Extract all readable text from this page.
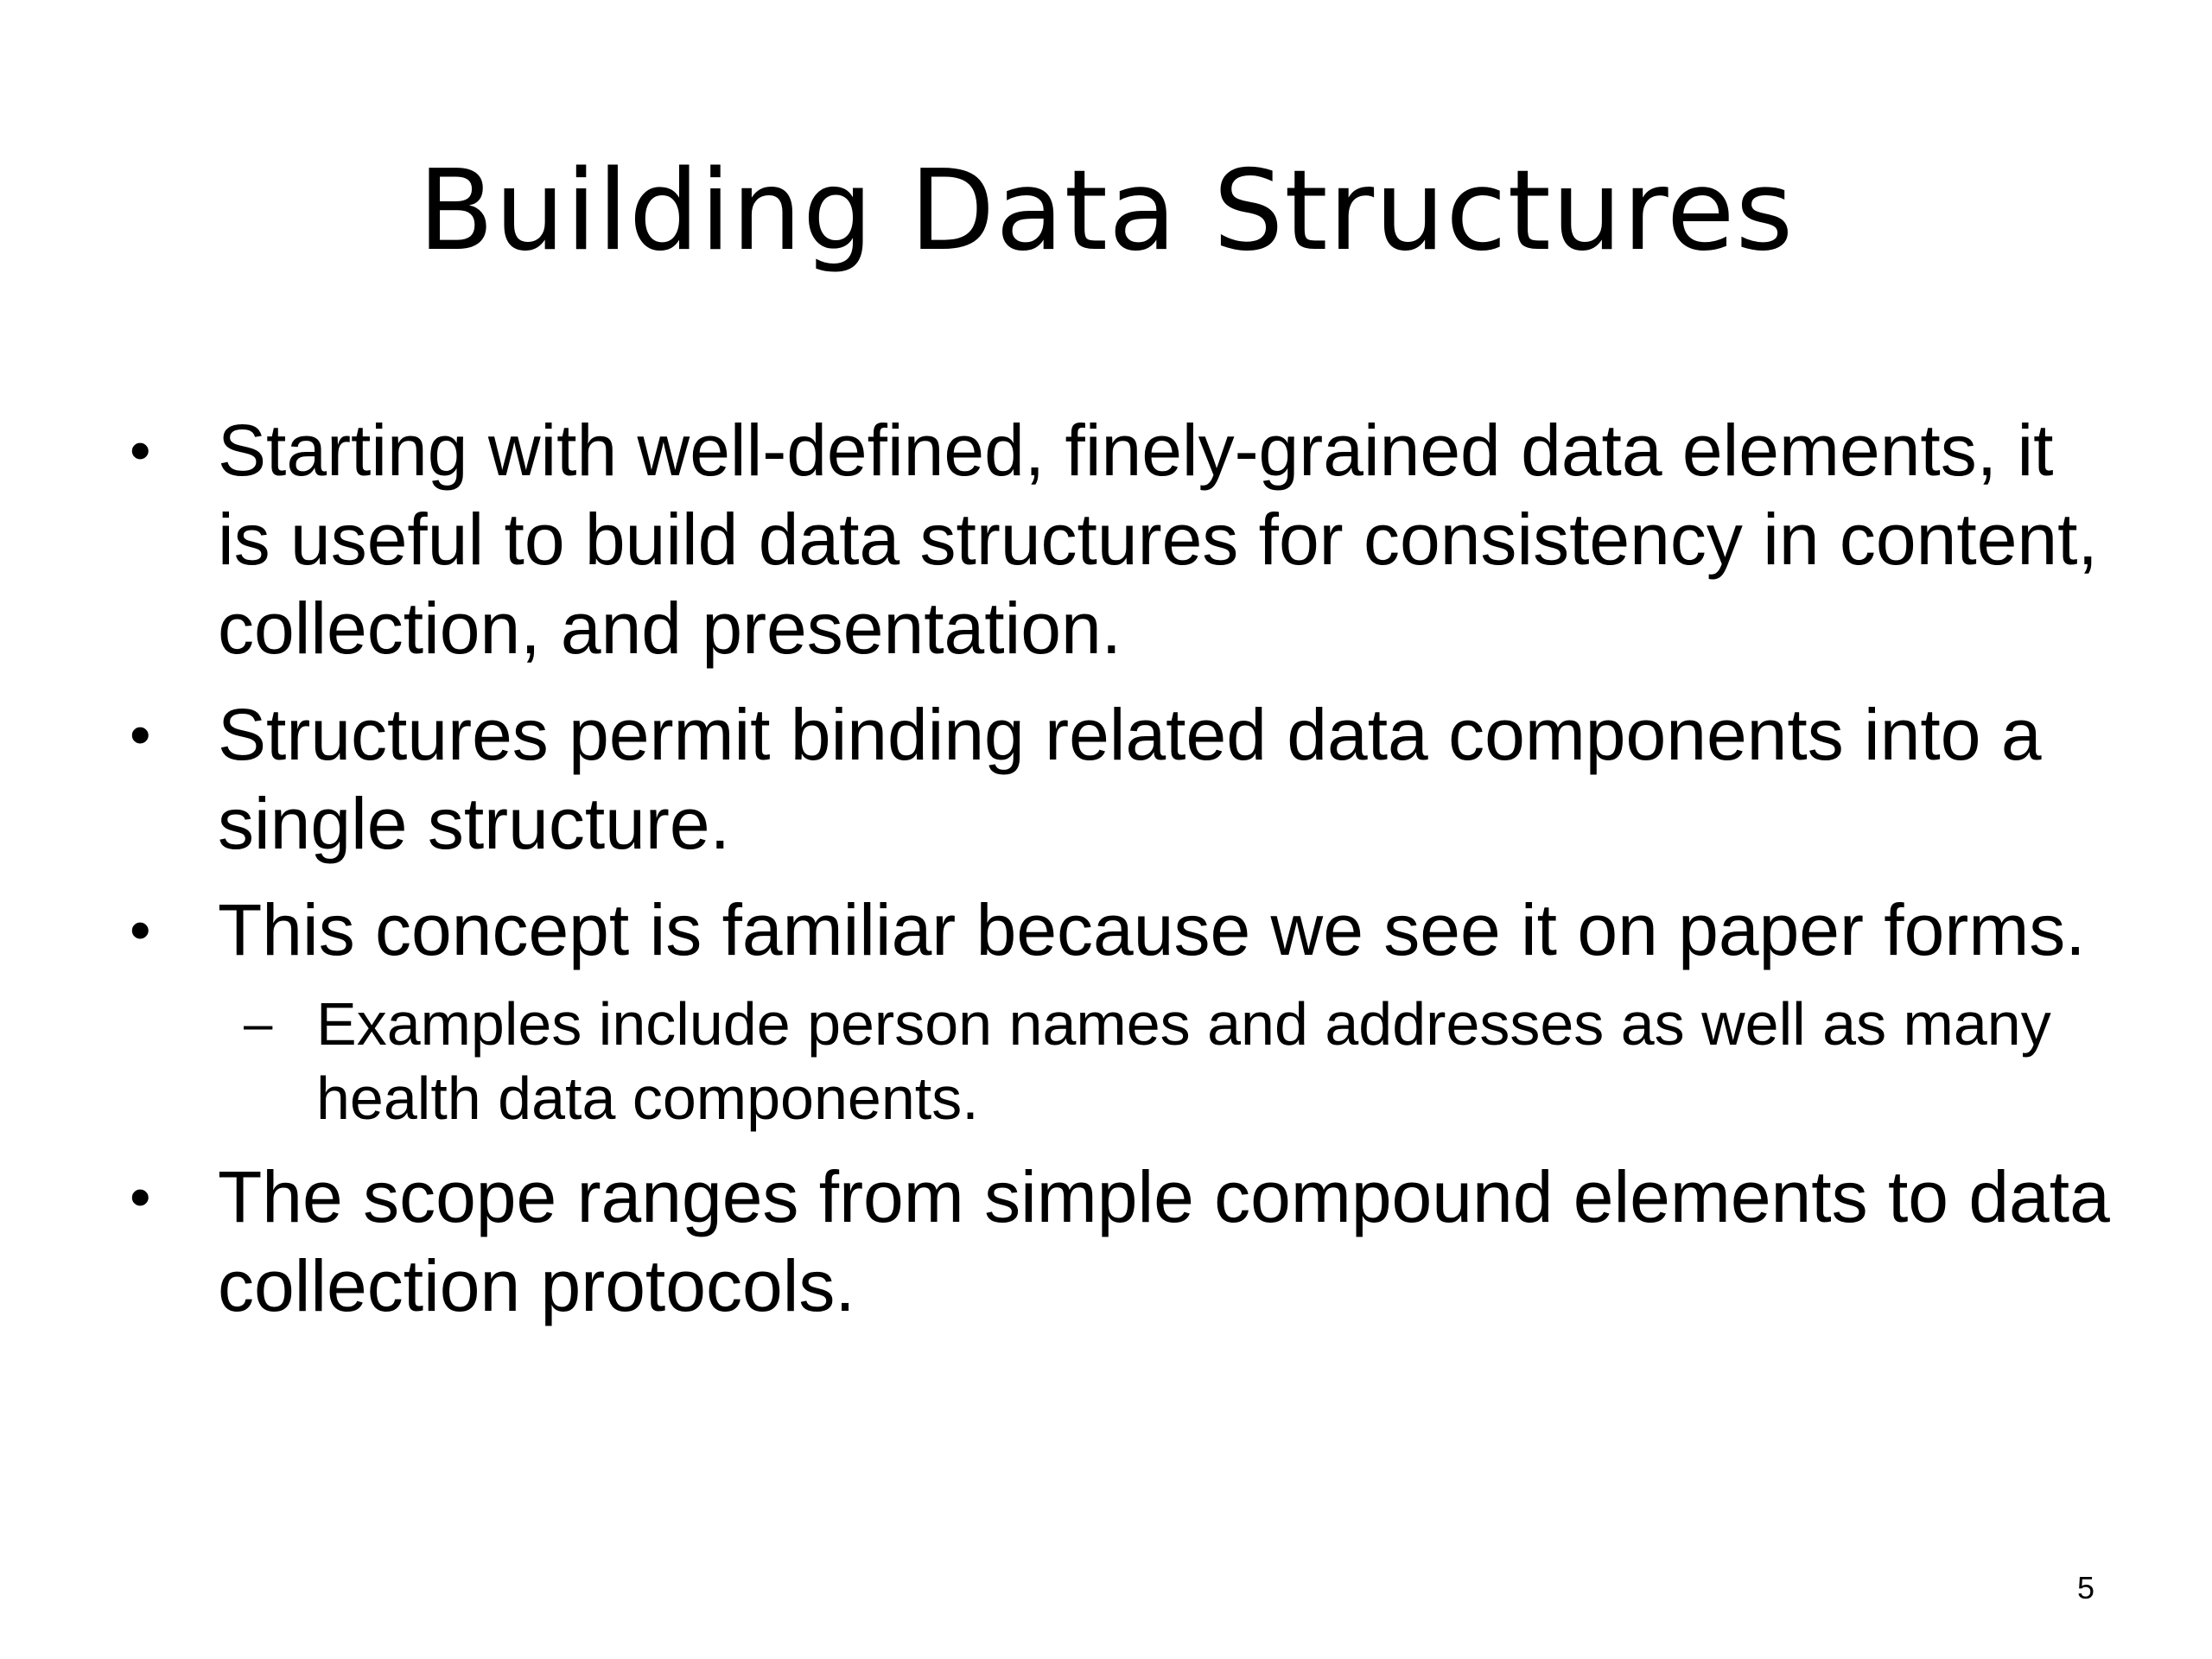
Building Data Structures
• Starting with well-defined, finely-grained data elements, it is useful to build data structures for consistency in content, collection, and presentation.
• Structures permit binding related data components into a single structure.
• This concept is familiar because we see it on paper forms.
– Examples include person names and addresses as well as many health data components.
• The scope ranges from simple compound elements to data collection protocols.
5
